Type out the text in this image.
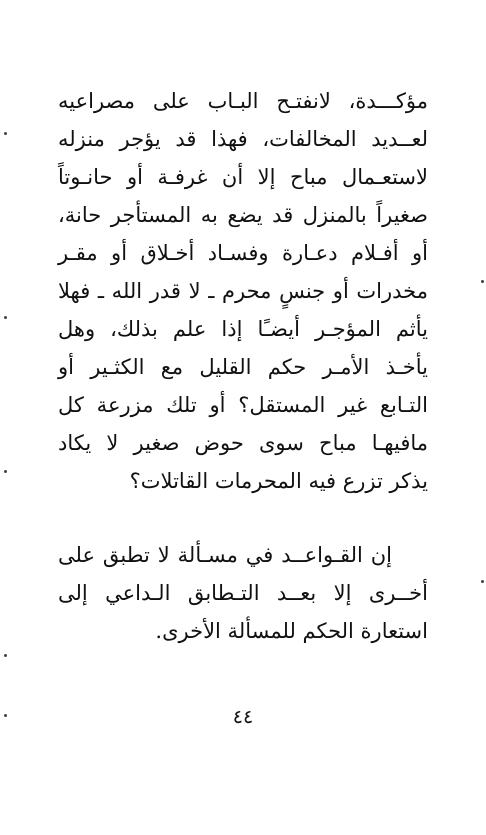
مؤكـــدة، لانفتـح البـاب على مصراعيه
لعــديد المخالفات، فهذا قد يؤجر منزله
لاستعـمال مباح إلا أن غرفـة أو حانـوتاً
صغيراً بالمنزل قد يضع به المستأجر حانة،
أو أفـلام دعـارة وفسـاد أخـلاق أو مقـر
مخدرات أو جنسٍ محرم ـ لا قدر الله ـ فهلا
يأثم المؤجـر أيضـًا إذا علم بذلك، وهل
يأخـذ الأمـر حكم القليل مع الكثـير أو
التـابع غير المستقل؟ أو تلك مزرعة كل
مافيهـا مباح سوى حوض صغير لا يكاد
يذكر تزرع فيه المحرمات القاتلات؟
إن القـواعــد في مسـألة لا تطبق على
أخــرى إلا بعــد التـطابق الـداعي إلى
استعارة الحكم للمسألة الأخرى.
٤٤
